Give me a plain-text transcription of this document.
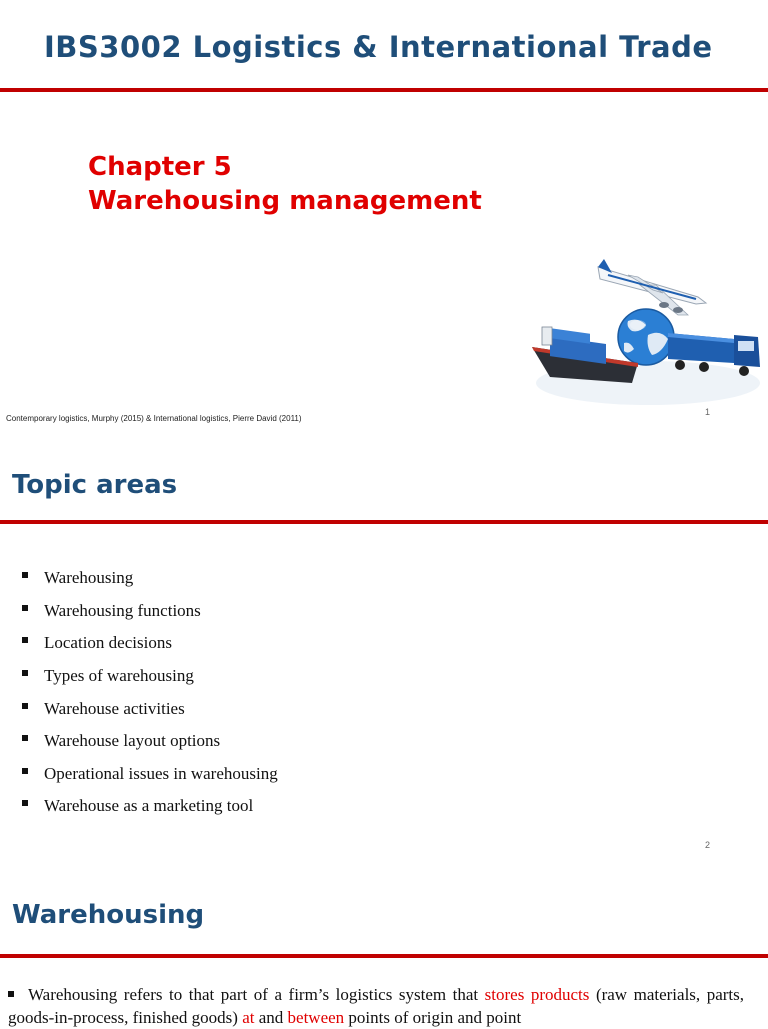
IBS3002 Logistics & International Trade
Chapter 5
Warehousing management
Contemporary logistics, Murphy (2015) & International logistics, Pierre David (2011)
1
Topic areas
Warehousing
Warehousing functions
Location decisions
Types of warehousing
Warehouse activities
Warehouse layout options
Operational issues in warehousing
Warehouse as a marketing tool
2
Warehousing
Warehousing refers to that part of a firm’s logistics system that stores products (raw materials, parts, goods-in-process, finished goods) at and between points of origin and point
